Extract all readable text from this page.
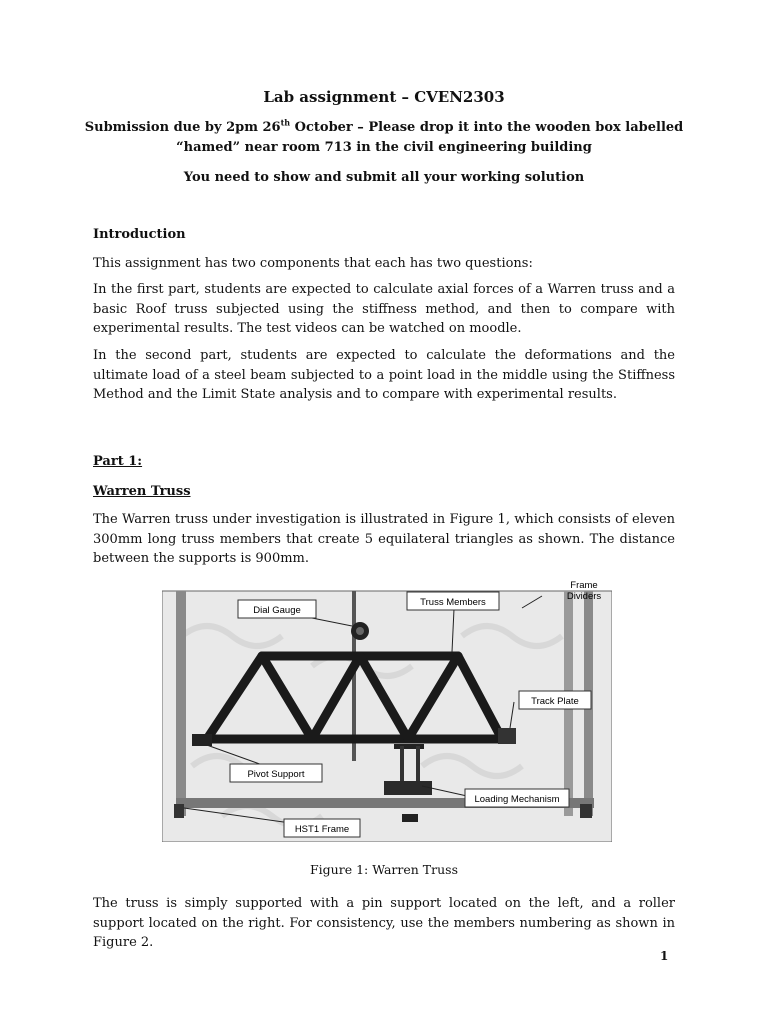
Lab assignment – CVEN2303
Submission due by 2pm 26th October – Please drop it into the wooden box labelled
“hamed” near room 713 in the civil engineering building
You need to show and submit all your working solution
Introduction

This assignment has two components that each has two questions:

In the first part, students are expected to calculate axial forces of a Warren truss and a basic Roof truss subjected using the stiffness method, and then to compare with experimental results. The test videos can be watched on moodle.

In the second part, students are expected to calculate the deformations and the ultimate load of a steel beam subjected to a point load in the middle using the Stiffness Method and the Limit State analysis and to compare with experimental results.

Part 1:
Warren Truss

The Warren truss under investigation is illustrated in Figure 1, which consists of eleven 300mm long truss members that create 5 equilateral triangles as shown. The distance between the supports is 900mm.

Dial Gauge
Truss Members
Frame
Dividers
Track Plate
Pivot Support
Loading Mechanism
HST1 Frame
Figure 1: Warren Truss

The truss is simply supported with a pin support located on the left, and a roller support located on the right. For consistency, use the members numbering as shown in Figure 2.

1
